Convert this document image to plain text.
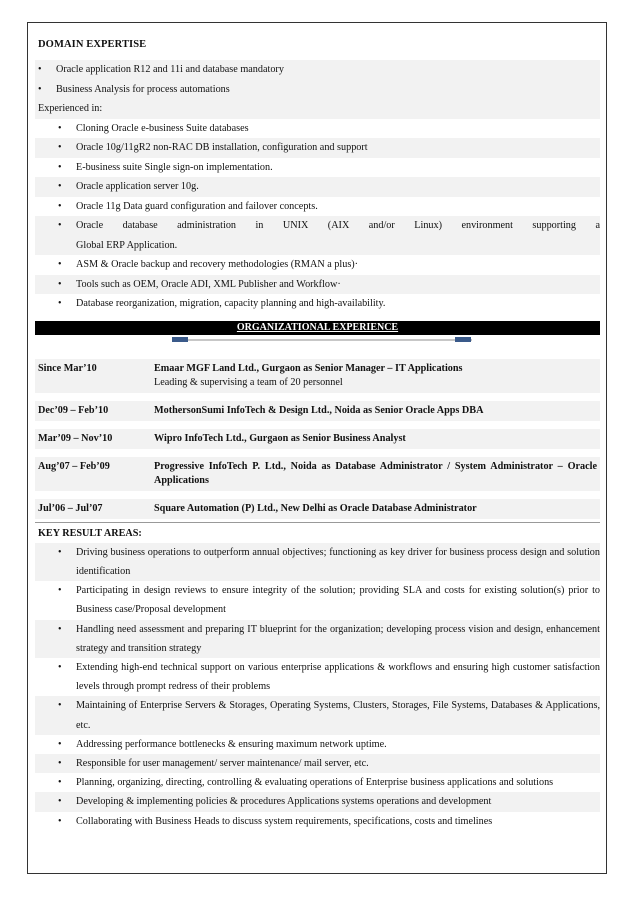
DOMAIN EXPERTISE
•	Oracle application R12 and 11i and database mandatory
•	Business Analysis for process automations
Experienced in:
•	Cloning Oracle e-business Suite databases
•	Oracle 10g/11gR2 non-RAC DB installation, configuration and support
•	E-business suite Single sign-on implementation.
•	Oracle application server 10g.
•	Oracle 11g Data guard configuration and failover concepts.
•	Oracle database administration in UNIX (AIX and/or Linux) environment supporting a
Global ERP Application.
•	ASM & Oracle backup and recovery methodologies (RMAN a plus)·
•	Tools such as OEM, Oracle ADI, XML Publisher and Workflow·
•	Database reorganization, migration, capacity planning and high-availability.
ORGANIZATIONAL EXPERIENCE
Since Mar’10	Emaar MGF Land Ltd., Gurgaon as Senior Manager – IT Applications
Leading & supervising a team of 20 personnel
Dec’09 – Feb’10	MothersonSumi InfoTech & Design Ltd., Noida as Senior Oracle Apps DBA
Mar’09 – Nov’10	Wipro InfoTech Ltd., Gurgaon as Senior Business Analyst
Aug’07 – Feb’09	Progressive InfoTech P. Ltd., Noida as Database Administrator / System Administrator – Oracle Applications
Jul’06 – Jul’07	Square Automation (P) Ltd., New Delhi as Oracle Database Administrator
KEY RESULT AREAS:
•	Driving business operations to outperform annual objectives; functioning as key driver for business process design and solution identification
•	Participating in design reviews to ensure integrity of the solution; providing SLA and costs for existing solution(s) prior to Business case/Proposal development
•	Handling need assessment and preparing IT blueprint for the organization; developing process vision and design, enhancement strategy and transition strategy
•	Extending high-end technical support on various enterprise applications & workflows and ensuring high customer satisfaction levels through prompt redress of their problems
•	Maintaining of Enterprise Servers & Storages, Operating Systems, Clusters, Storages, File Systems, Databases & Applications, etc.
•	Addressing performance bottlenecks & ensuring maximum network uptime.
•	Responsible for user management/ server maintenance/ mail server, etc.
•	Planning, organizing, directing, controlling & evaluating operations of Enterprise business applications and solutions
•	Developing & implementing policies & procedures Applications systems operations and development
•	Collaborating with Business Heads to discuss system requirements, specifications, costs and timelines
